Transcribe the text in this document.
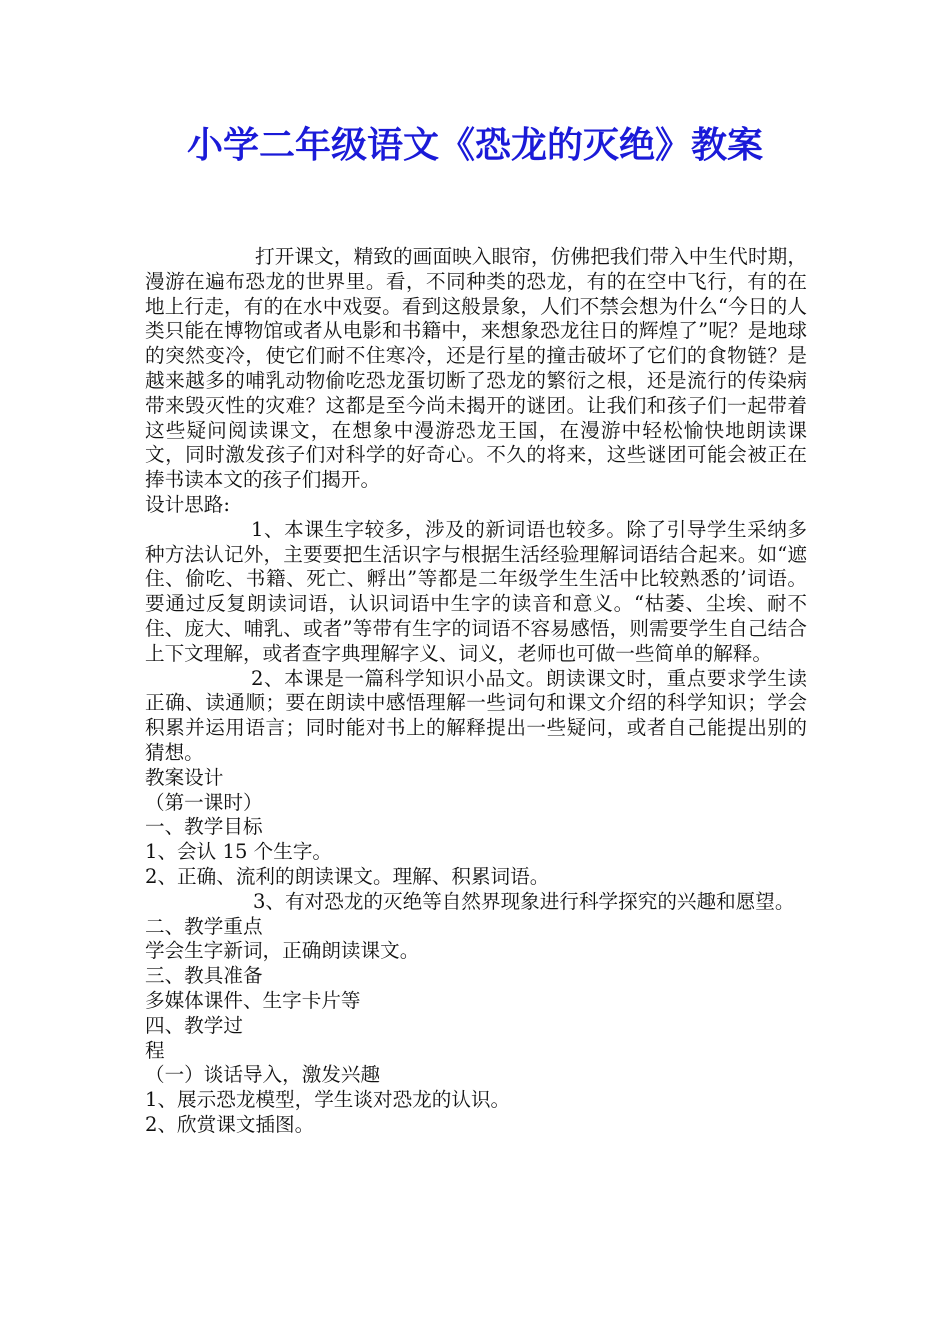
小学二年级语文《恐龙的灭绝》教案

打开课文，精致的画面映入眼帘，仿佛把我们带入中生代时期，漫游在遍布恐龙的世界里。看，不同种类的恐龙，有的在空中飞行，有的在地上行走，有的在水中戏耍。看到这般景象，人们不禁会想为什么“今日的人类只能在博物馆或者从电影和书籍中，来想象恐龙往日的辉煌了”呢？是地球的突然变冷，使它们耐不住寒冷，还是行星的撞击破坏了它们的食物链？是越来越多的哺乳动物偷吃恐龙蛋切断了恐龙的繁衍之根，还是流行的传染病带来毁灭性的灾难？这都是至今尚未揭开的谜团。让我们和孩子们一起带着这些疑问阅读课文，在想象中漫游恐龙王国，在漫游中轻松愉快地朗读课文，同时激发孩子们对科学的好奇心。不久的将来，这些谜团可能会被正在捧书读本文的孩子们揭开。

设计思路:

1、本课生字较多，涉及的新词语也较多。除了引导学生采纳多种方法认记外，主要要把生活识字与根据生活经验理解词语结合起来。如“遮住、偷吃、书籍、死亡、孵出”等都是二年级学生生活中比较熟悉的’词语。要通过反复朗读词语，认识词语中生字的读音和意义。“枯萎、尘埃、耐不住、庞大、哺乳、或者”等带有生字的词语不容易感悟，则需要学生自己结合上下文理解，或者查字典理解字义、词义，老师也可做一些简单的解释。

2、本课是一篇科学知识小品文。朗读课文时，重点要求学生读正确、读通顺；要在朗读中感悟理解一些词句和课文介绍的科学知识；学会积累并运用语言；同时能对书上的解释提出一些疑问，或者自己能提出别的猜想。

教案设计

（第一课时）

一、教学目标

1、会认 15 个生字。

2、正确、流利的朗读课文。理解、积累词语。

3、有对恐龙的灭绝等自然界现象进行科学探究的兴趣和愿望。

二、教学重点

学会生字新词，正确朗读课文。

三、教具准备

多媒体课件、生字卡片等

四、教学过

程

（一）谈话导入，激发兴趣

1、展示恐龙模型，学生谈对恐龙的认识。

2、欣赏课文插图。
